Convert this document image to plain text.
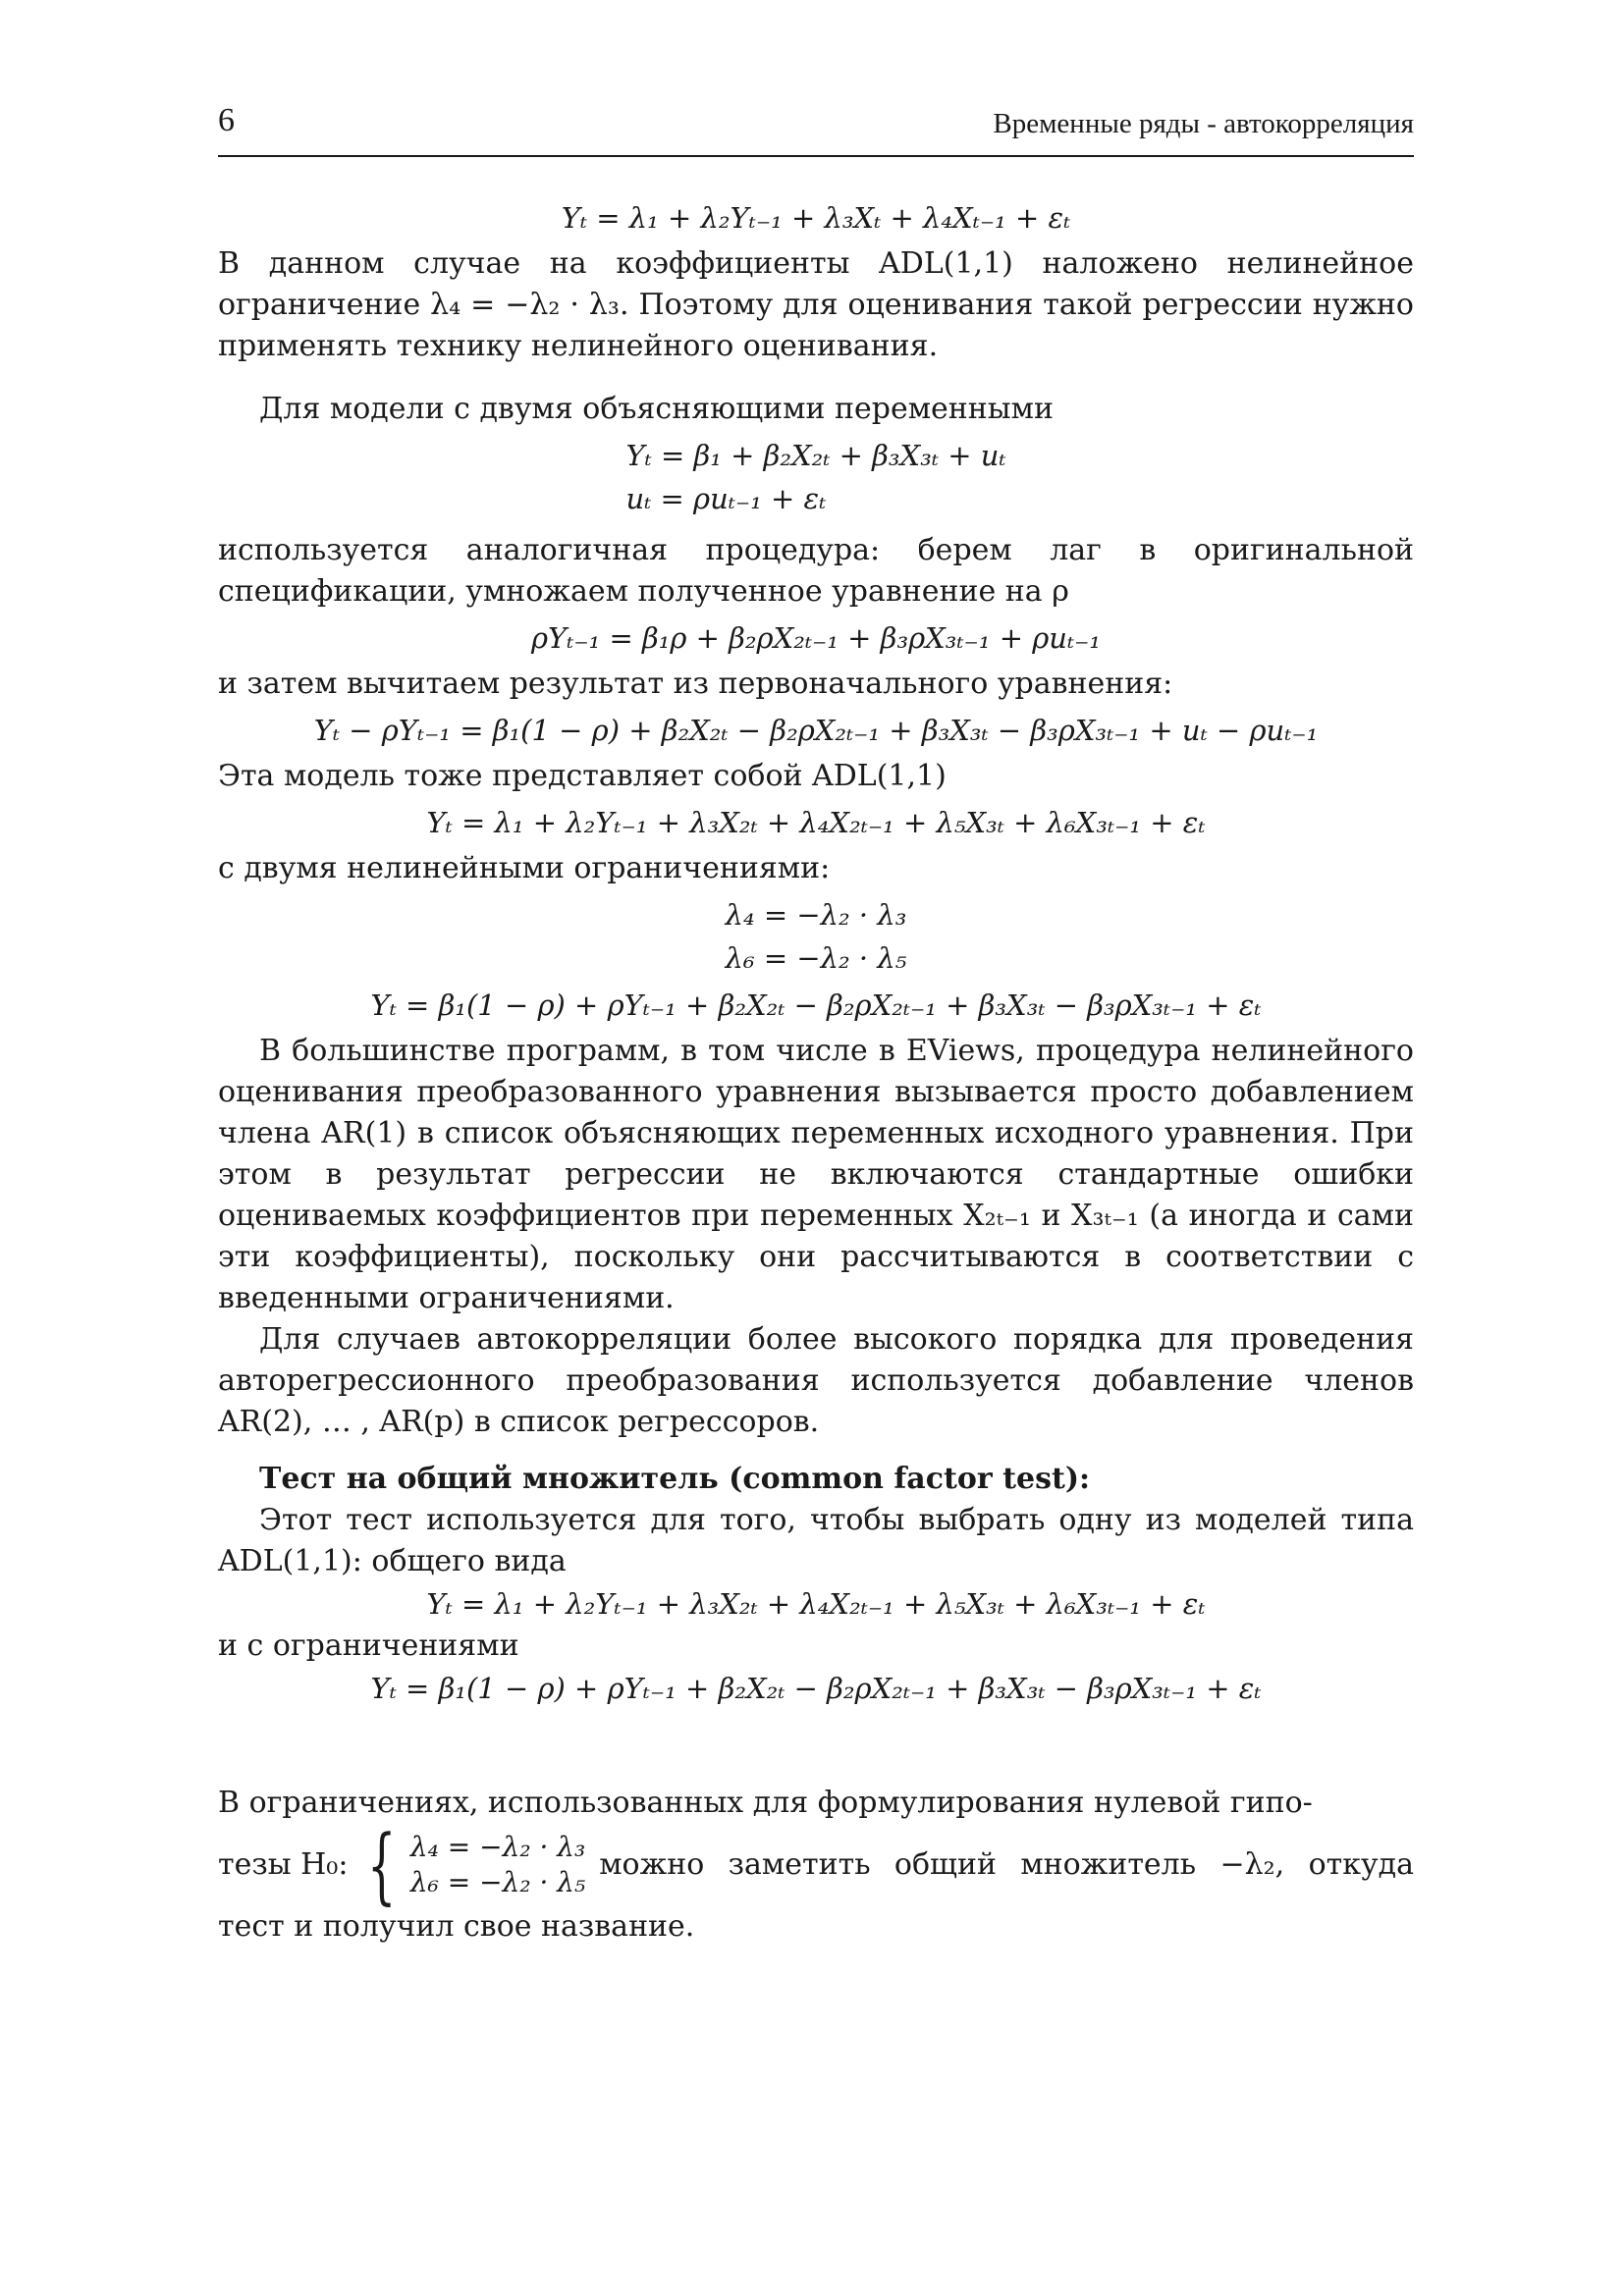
6	Временные ряды - автокорреляция
Yₜ = λ₁ + λ₂Yₜ₋₁ + λ₃Xₜ + λ₄Xₜ₋₁ + εₜ

В данном случае на коэффициенты ADL(1,1) наложено нелинейное ограничение λ₄ = −λ₂ · λ₃. Поэтому для оценивания такой регрессии нужно применять технику нелинейного оценивания.

Для модели с двумя объясняющими переменными

Yₜ = β₁ + β₂X₂ₜ + β₃X₃ₜ + uₜ
uₜ = ρuₜ₋₁ + εₜ

используется аналогичная процедура: берем лаг в оригинальной спецификации, умножаем полученное уравнение на ρ

ρYₜ₋₁ = β₁ρ + β₂ρX₂ₜ₋₁ + β₃ρX₃ₜ₋₁ + ρuₜ₋₁

и затем вычитаем результат из первоначального уравнения:

Yₜ − ρYₜ₋₁ = β₁(1 − ρ) + β₂X₂ₜ − β₂ρX₂ₜ₋₁ + β₃X₃ₜ − β₃ρX₃ₜ₋₁ + uₜ − ρuₜ₋₁

Эта модель тоже представляет собой ADL(1,1)

Yₜ = λ₁ + λ₂Yₜ₋₁ + λ₃X₂ₜ + λ₄X₂ₜ₋₁ + λ₅X₃ₜ + λ₆X₃ₜ₋₁ + εₜ

с двумя нелинейными ограничениями:

λ₄ = −λ₂ · λ₃
λ₆ = −λ₂ · λ₅
Yₜ = β₁(1 − ρ) + ρYₜ₋₁ + β₂X₂ₜ − β₂ρX₂ₜ₋₁ + β₃X₃ₜ − β₃ρX₃ₜ₋₁ + εₜ

В большинстве программ, в том числе в EViews, процедура нелинейного оценивания преобразованного уравнения вызывается просто добавлением члена AR(1) в список объясняющих переменных исходного уравнения. При этом в результат регрессии не включаются стандартные ошибки оцениваемых коэффициентов при переменных X₂ₜ₋₁ и X₃ₜ₋₁ (а иногда и сами эти коэффициенты), поскольку они рассчитываются в соответствии с введенными ограничениями.

Для случаев автокорреляции более высокого порядка для проведения авторегрессионного преобразования используется добавление членов AR(2), … , AR(p) в список регрессоров.

Тест на общий множитель (common factor test):

Этот тест используется для того, чтобы выбрать одну из моделей типа ADL(1,1): общего вида

Yₜ = λ₁ + λ₂Yₜ₋₁ + λ₃X₂ₜ + λ₄X₂ₜ₋₁ + λ₅X₃ₜ + λ₆X₃ₜ₋₁ + εₜ

и с ограничениями

Yₜ = β₁(1 − ρ) + ρYₜ₋₁ + β₂X₂ₜ − β₂ρX₂ₜ₋₁ + β₃X₃ₜ − β₃ρX₃ₜ₋₁ + εₜ

В ограничениях, использованных для формулирования нулевой гипо-

тезы H₀: { λ₄ = −λ₂ · λ₃
λ₆ = −λ₂ · λ₅
можно заметить общий множитель −λ₂, откуда

тест и получил свое название.
